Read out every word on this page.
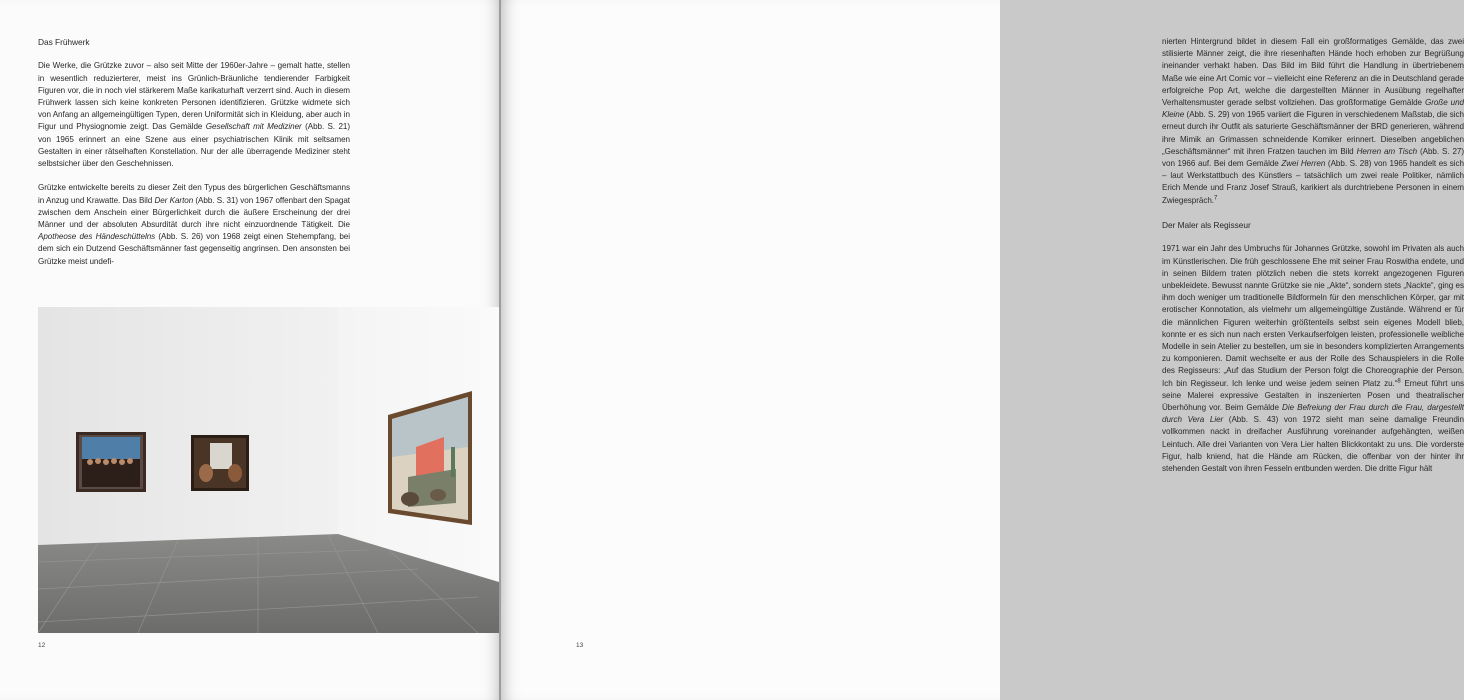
Das Frühwerk

Die Werke, die Grützke zuvor – also seit Mitte der 1960er-Jahre – gemalt hatte, stellen in wesentlich reduzierterer, meist ins Grünlich-Bräunliche tendierender Farbigkeit Figuren vor, die in noch viel stärkerem Maße karikaturhaft verzerrt sind. Auch in diesem Frühwerk lassen sich keine konkreten Personen identifizieren. Grützke widmete sich von Anfang an allgemeingültigen Typen, deren Uniformität sich in Kleidung, aber auch in Figur und Physiognomie zeigt. Das Gemälde Gesellschaft mit Mediziner (Abb. S. 21) von 1965 erinnert an eine Szene aus einer psychiatrischen Klinik mit seltsamen Gestalten in einer rätselhaften Konstellation. Nur der alle überragende Mediziner steht selbstsicher über den Geschehnissen.

Grützke entwickelte bereits zu dieser Zeit den Typus des bürgerlichen Geschäftsmanns in Anzug und Krawatte. Das Bild Der Karton (Abb. S. 31) von 1967 offenbart den Spagat zwischen dem Anschein einer Bürgerlichkeit durch die äußere Erscheinung der drei Männer und der absoluten Absurdität durch ihre nicht einzuordnende Tätigkeit. Die Apotheose des Händeschüttelns (Abb. S. 26) von 1968 zeigt einen Stehempfang, bei dem sich ein Dutzend Geschäftsmänner fast gegenseitig angrinsen. Den ansonsten bei Grützke meist undefi-

12

nierten Hintergrund bildet in diesem Fall ein großformatiges Gemälde, das zwei stilisierte Männer zeigt, die ihre riesenhaften Hände hoch erhoben zur Begrüßung ineinander verhakt haben. Das Bild im Bild führt die Handlung in übertriebenem Maße wie eine Art Comic vor – vielleicht eine Referenz an die in Deutschland gerade erfolgreiche Pop Art, welche die dargestellten Männer in Ausübung regelhafter Verhaltensmuster gerade selbst vollziehen. Das großformatige Gemälde Große und Kleine (Abb. S. 29) von 1965 variiert die Figuren in verschiedenem Maßstab, die sich erneut durch ihr Outfit als saturierte Geschäftsmänner der BRD generieren, während ihre Mimik an Grimassen schneidende Komiker erinnert. Dieselben angeblichen „Geschäftsmänner“ mit ihren Fratzen tauchen im Bild Herren am Tisch (Abb. S. 27) von 1966 auf. Bei dem Gemälde Zwei Herren (Abb. S. 28) von 1965 handelt es sich – laut Werkstattbuch des Künstlers – tatsächlich um zwei reale Politiker, nämlich Erich Mende und Franz Josef Strauß, karikiert als durchtriebene Personen in einem Zwiegespräch.$^7$

Der Maler als Regisseur

1971 war ein Jahr des Umbruchs für Johannes Grützke, sowohl im Privaten als auch im Künstlerischen. Die früh geschlossene Ehe mit seiner Frau Roswitha endete, und in seinen Bildern traten plötzlich neben die stets korrekt angezogenen Figuren unbekleidete. Bewusst nannte Grützke sie nie „Akte“, sondern stets „Nackte“, ging es ihm doch weniger um traditionelle Bildformeln für den menschlichen Körper, gar mit erotischer Konnotation, als vielmehr um allgemeingültige Zustände. Während er für die männlichen Figuren weiterhin größtenteils selbst sein eigenes Modell blieb, konnte er es sich nun nach ersten Verkaufserfolgen leisten, professionelle weibliche Modelle in sein Atelier zu bestellen, um sie in besonders komplizierten Arrangements zu komponieren. Damit wechselte er aus der Rolle des Schauspielers in die Rolle des Regisseurs: „Auf das Studium der Person folgt die Choreographie der Person. Ich bin Regisseur. Ich lenke und weise jedem seinen Platz zu.“$^8$ Erneut führt uns seine Malerei expressive Gestalten in inszenierten Posen und theatralischer Überhöhung vor. Beim Gemälde Die Befreiung der Frau durch die Frau, dargestellt durch Vera Lier (Abb. S. 43) von 1972 sieht man seine damalige Freundin vollkommen nackt in dreifacher Ausführung voreinander aufgehängten, weißen Leintuch. Alle drei Varianten von Vera Lier halten Blickkontakt zu uns. Die vorderste Figur, halb kniend, hat die Hände am Rücken, die offenbar von der hinter ihr stehenden Gestalt von ihren Fesseln entbunden werden. Die dritte Figur hält

13
